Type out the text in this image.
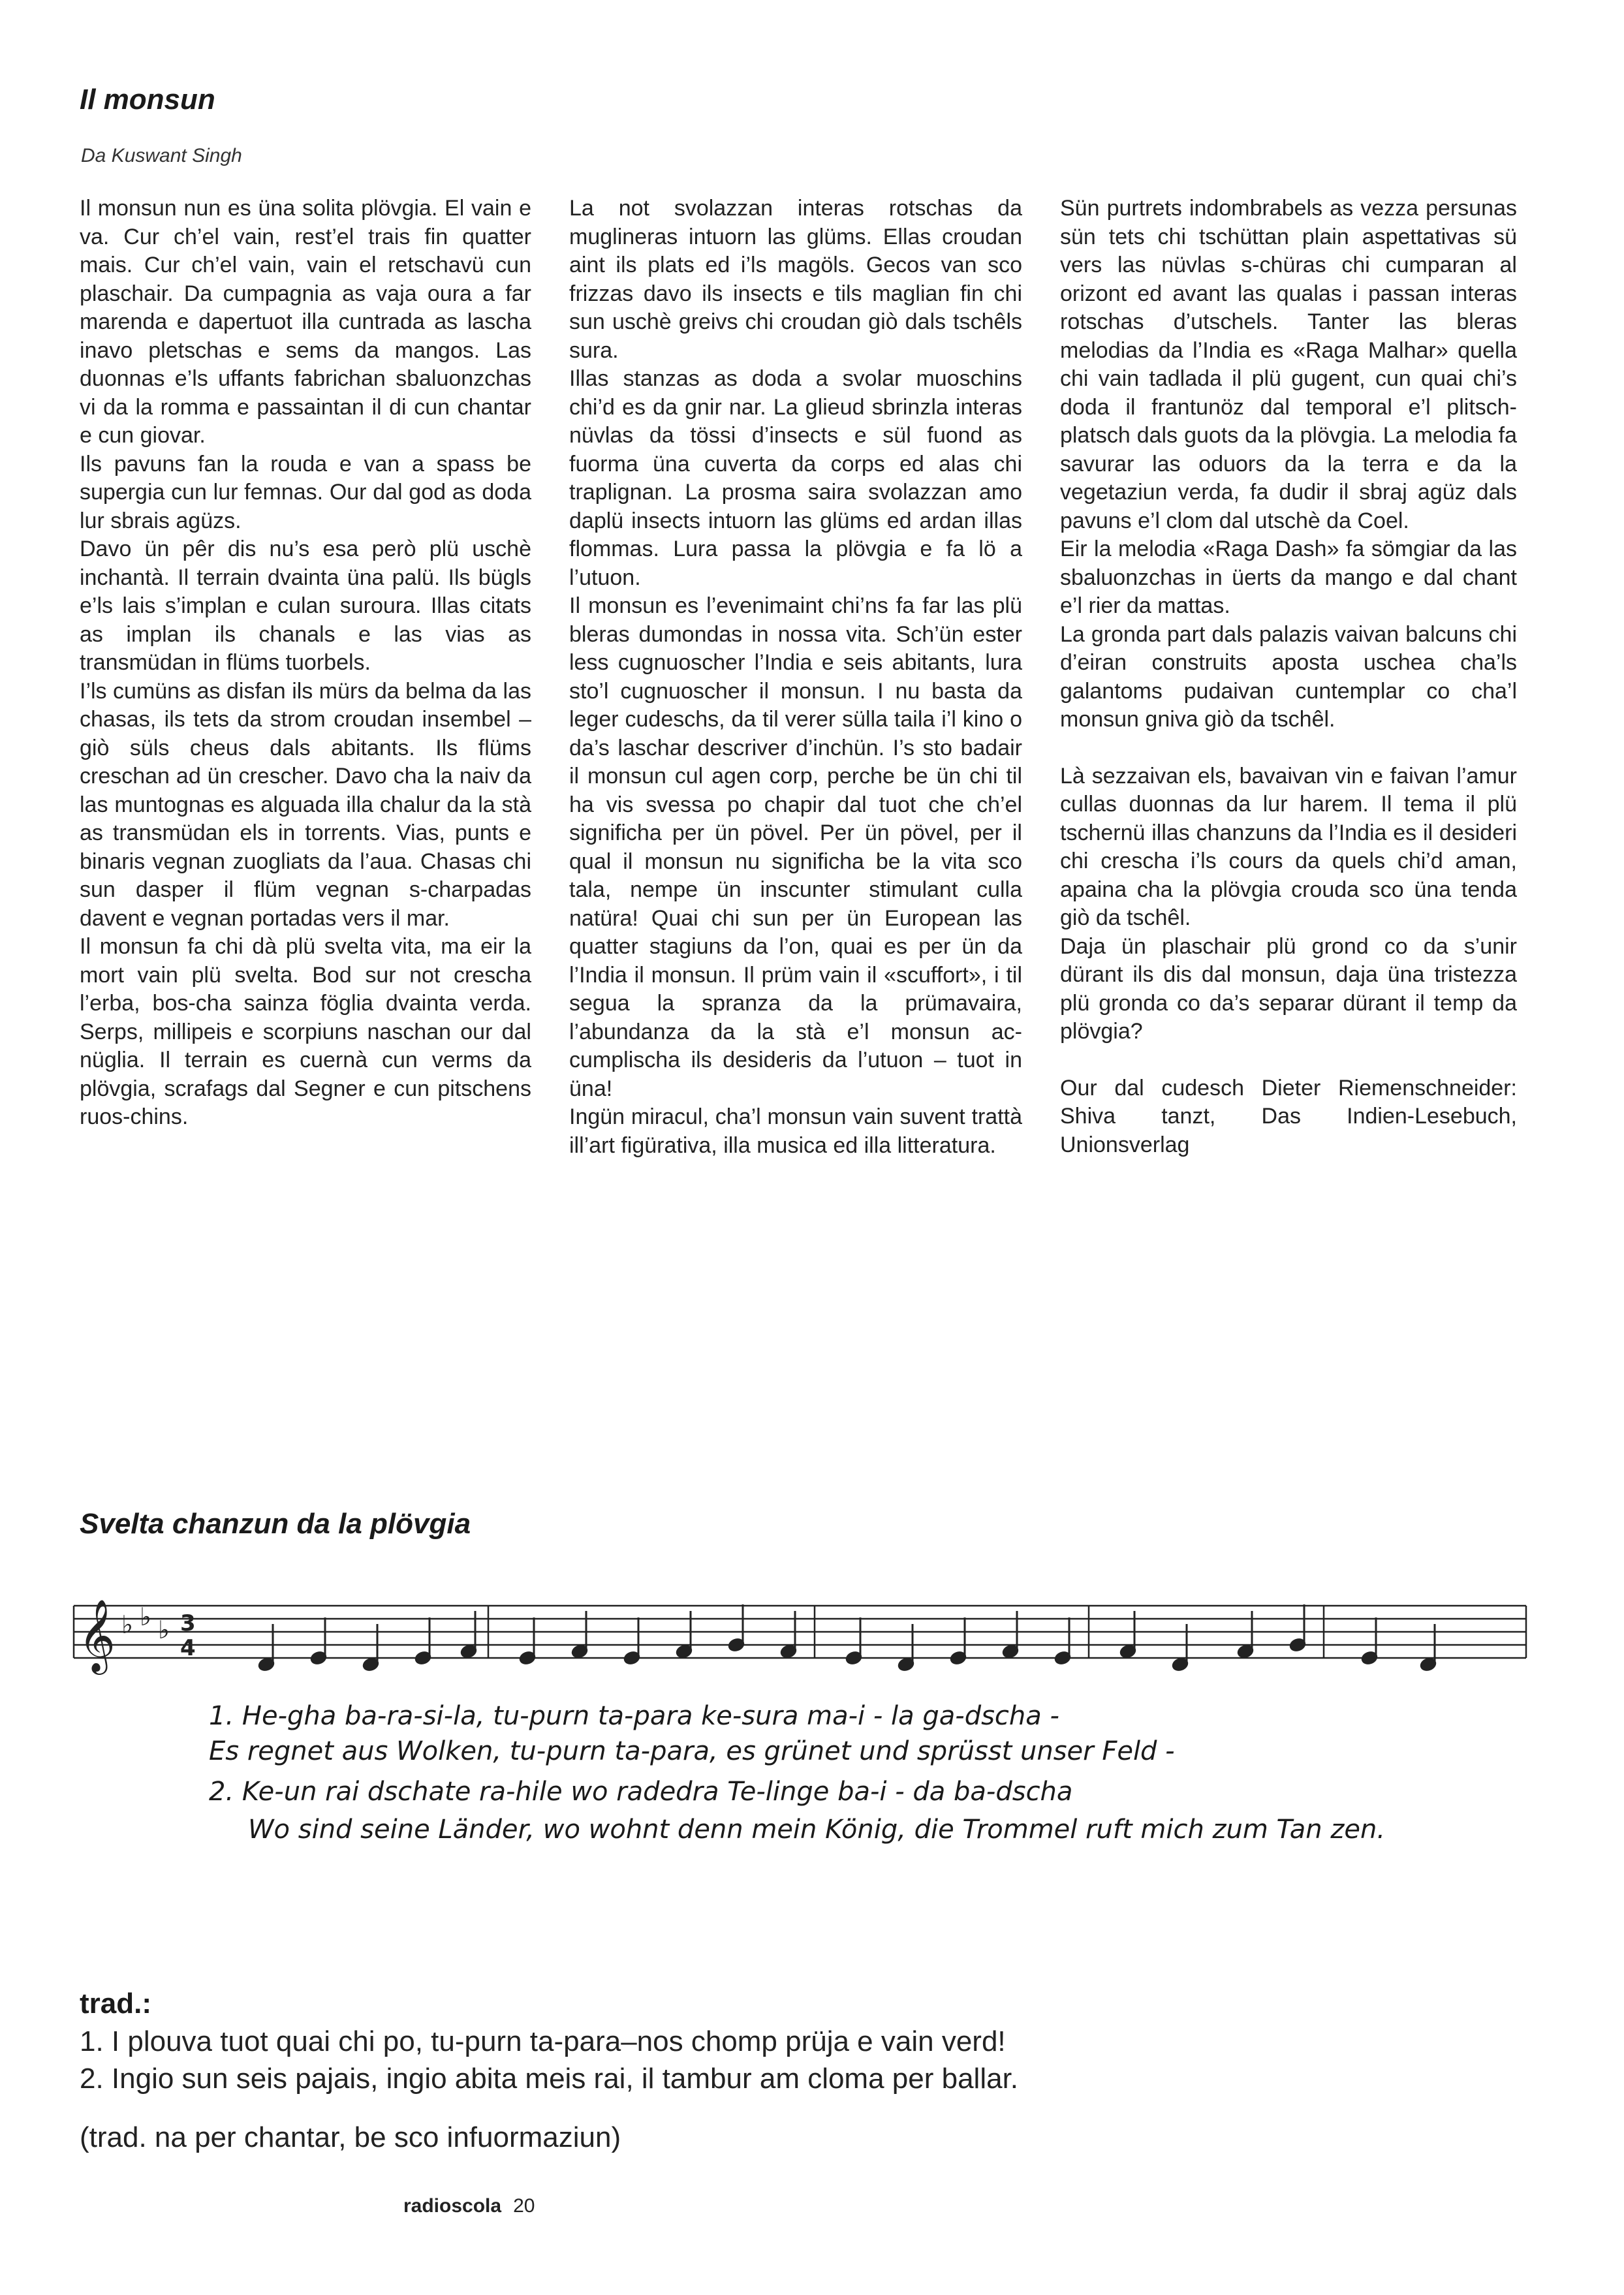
Il monsun
Da Kuswant Singh

Il monsun nun es üna solita plövgia. El vain e va. Cur ch’el vain, rest’el trais fin quatter mais. Cur ch’el vain, vain el retschavü cun plaschair. Da cumpagnia as vaja oura a far marenda e dapertuot illa cuntrada as lascha inavo pletschas e sems da mangos. Las duonnas e’ls uffants fabrichan sbaluonzchas vi da la romma e passaintan il di cun chantar e cun giovar.

Ils pavuns fan la rouda e van a spass be supergia cun lur femnas. Our dal god as doda lur sbrais agüzs.

Davo ün pêr dis nu’s esa però plü uschè inchantà. Il terrain dvainta üna palü. Ils bügls e’ls lais s’implan e culan suroura. Illas citats as implan ils chanals e las vias as transmüdan in flüms tuorbels.

I’ls cumüns as disfan ils mürs da belma da las chasas, ils tets da strom croudan insembel – giò süls cheus dals abitants. Ils flüms creschan ad ün crescher. Davo cha la naiv da las muntognas es alguada illa chalur da la stà as transmüdan els in torrents. Vias, punts e binaris vegnan zuogliats da l’aua. Chasas chi sun dasper il flüm vegnan s-charpadas davent e vegnan portadas vers il mar.

Il monsun fa chi dà plü svelta vita, ma eir la mort vain plü svelta. Bod sur not crescha l’erba, bos-cha sainza föglia dvainta verda. Serps, millipeis e scorpiuns naschan our dal nüglia. Il terrain es cuernà cun verms da plövgia, scrafags dal Segner e cun pitschens ruos-chins.

La not svolazzan interas rotschas da muglineras intuorn las glüms. Ellas croudan aint ils plats ed i’ls magöls. Gecos van sco frizzas davo ils insects e tils maglian fin chi sun uschè greivs chi croudan giò dals tschêls sura.

Illas stanzas as doda a svolar muoschins chi’d es da gnir nar. La glieud sbrinzla interas nüvlas da tössi d’insects e sül fuond as fuorma üna cuverta da corps ed alas chi traplignan. La prosma saira svolazzan amo daplü insects intuorn las glüms ed ardan illas flommas. Lura passa la plövgia e fa lö a l’utuon.

Il monsun es l’evenimaint chi’ns fa far las plü bleras dumondas in nossa vita. Sch’ün ester less cugnuoscher l’India e seis abitants, lura sto’l cugnuoscher il monsun. I nu basta da leger cudeschs, da til verer sülla taila i’l kino o da’s laschar descriver d’inchün. I’s sto badair il monsun cul agen corp, perche be ün chi til ha vis svessa po chapir dal tuot che ch’el significha per ün pövel. Per ün pövel, per il qual il monsun nu significha be la vita sco tala, nempe ün inscunter stimulant culla natüra! Quai chi sun per ün European las quatter stagiuns da l’on, quai es per ün da l’India il monsun. Il prüm vain il «scuffort», i til segua la spranza da la prümavaira, l’abundanza da la stà e’l monsun accumplischa ils desideris da l’utuon – tuot in üna!

Ingün miracul, cha’l monsun vain suvent trattà ill’art figürativa, illa musica ed illa litteratura.

Sün purtrets indombrabels as vezza persunas sün tets chi tschüttan plain aspettativas sü vers las nüvlas s-chüras chi cumparan al orizont ed avant las qualas i passan interas rotschas d’utschels. Tanter las bleras melodias da l’India es «Raga Malhar» quella chi vain tadlada il plü gugent, cun quai chi’s doda il frantunöz dal temporal e’l plitsch-platsch dals guots da la plövgia. La melodia fa savurar las oduors da la terra e da la vegetaziun verda, fa dudir il sbraj agüz dals pavuns e’l clom dal utschè da Coel.

Eir la melodia «Raga Dash» fa sömgiar da las sbaluonzchas in üerts da mango e dal chant e’l rier da mattas.

La gronda part dals palazis vaivan balcuns chi d’eiran construits aposta uschea cha’ls galantoms pudaivan cuntemplar co cha’l monsun gniva giò da tschêl.

Là sezzaivan els, bavaivan vin e faivan l’amur cullas duonnas da lur harem. Il tema il plü tschernü illas chanzuns da l’India es il desideri chi crescha i’ls cours da quels chi’d aman, apaina cha la plövgia crouda sco üna tenda giò da tschêl.

Daja ün plaschair plü grond co da s’unir dürant ils dis dal monsun, daja üna tristezza plü gronda co da’s separar dürant il temp da plövgia?

Our dal cudesch Dieter Riemenschneider: Shiva tanzt, Das Indien-Lesebuch, Unionsverlag

Svelta chanzun da la plövgia
𝄞 ♭ ♭ ♭ 3
4
1. He-gha ba-ra-si-la, tu-purn ta-para ke-sura ma-i - la ga-dscha -
Es regnet aus Wolken, tu-purn ta-para, es grünet und sprüsst unser Feld -
2. Ke-un rai dschate ra-hile wo radedra Te-linge ba-i - da ba-dscha
Wo sind seine Länder, wo wohnt denn mein König, die Trommel ruft mich zum Tan zen.
trad.:
1. I plouva tuot quai chi po, tu-purn ta-para–nos chomp prüja e vain verd!
2. Ingio sun seis pajais, ingio abita meis rai, il tambur am cloma per ballar.
(trad. na per chantar, be sco infuormaziun)
radioscola 20
